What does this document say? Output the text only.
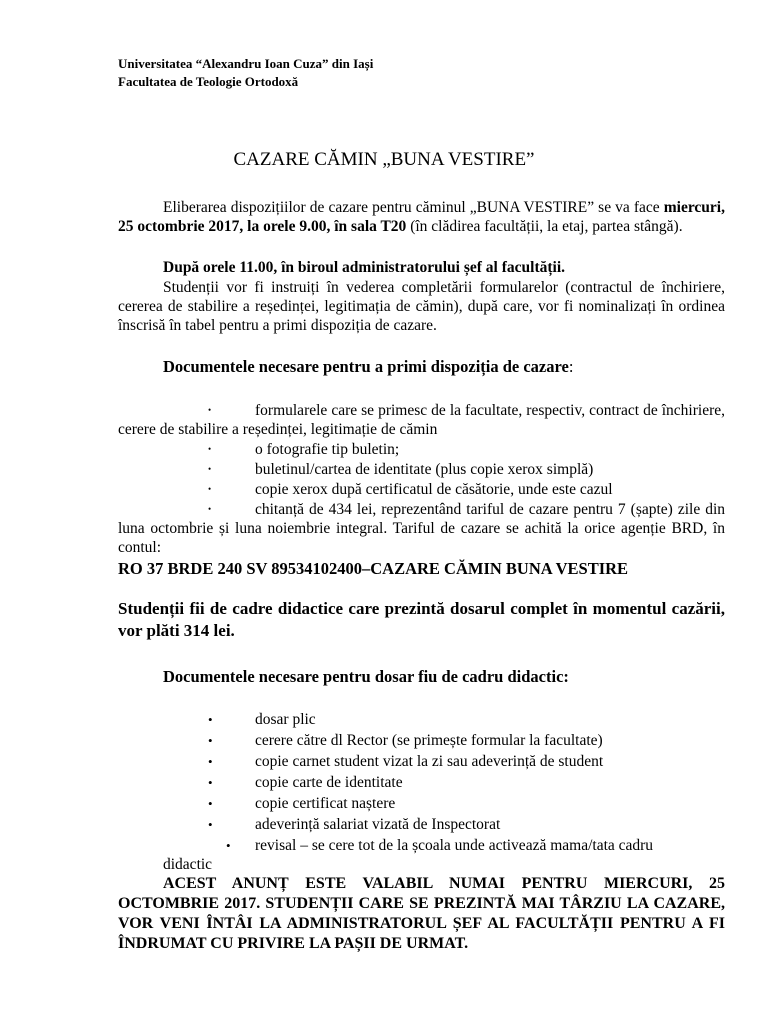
Universitatea “Alexandru Ioan Cuza” din Iași
Facultatea de Teologie Ortodoxă
CAZARE CĂMIN „BUNA VESTIRE”
Eliberarea dispozițiilor de cazare pentru căminul „BUNA VESTIRE” se va face miercuri, 25 octombrie 2017, la orele 9.00, în sala T20 (în clădirea facultății, la etaj, partea stângă).
După orele 11.00, în biroul administratorului șef al facultății.
Studenții vor fi instruiți în vederea completării formularelor (contractul de închiriere, cererea de stabilire a reședinței, legitimația de cămin), după care, vor fi nominalizați în ordinea înscrisă în tabel pentru a primi dispoziția de cazare.
Documentele necesare pentru a primi dispoziția de cazare:
•	formularele care se primesc de la facultate, respectiv, contract de închiriere, cerere de stabilire a reședinței, legitimație de cămin
•	o fotografie tip buletin;
•	buletinul/cartea de identitate (plus copie xerox simplă)
•	copie xerox după certificatul de căsătorie, unde este cazul
•	chitanță de 434 lei, reprezentând tariful de cazare pentru 7 (șapte) zile din luna octombrie și luna noiembrie integral. Tariful de cazare se achită la orice agenție BRD, în contul:
RO 37 BRDE 240 SV 89534102400–CAZARE CĂMIN BUNA VESTIRE
Studenții fii de cadre didactice care prezintă dosarul complet în momentul cazării, vor plăti 314 lei.
Documentele necesare pentru dosar fiu de cadru didactic:
•	dosar plic
•	cerere către dl Rector (se primește formular la facultate)
•	copie carnet student vizat la zi sau adeverință de student
•	copie carte de identitate
•	copie certificat naștere
•	adeverință salariat vizată de Inspectorat
• revisal – se cere tot de la școala unde activează mama/tata cadru
didactic
ACEST ANUNȚ ESTE VALABIL NUMAI PENTRU MIERCURI, 25 OCTOMBRIE 2017. STUDENȚII CARE SE PREZINTĂ MAI TÂRZIU LA CAZARE, VOR VENI ÎNTÂI LA ADMINISTRATORUL ȘEF AL FACULTĂȚII PENTRU A FI ÎNDRUMAT CU PRIVIRE LA PAȘII DE URMAT.
